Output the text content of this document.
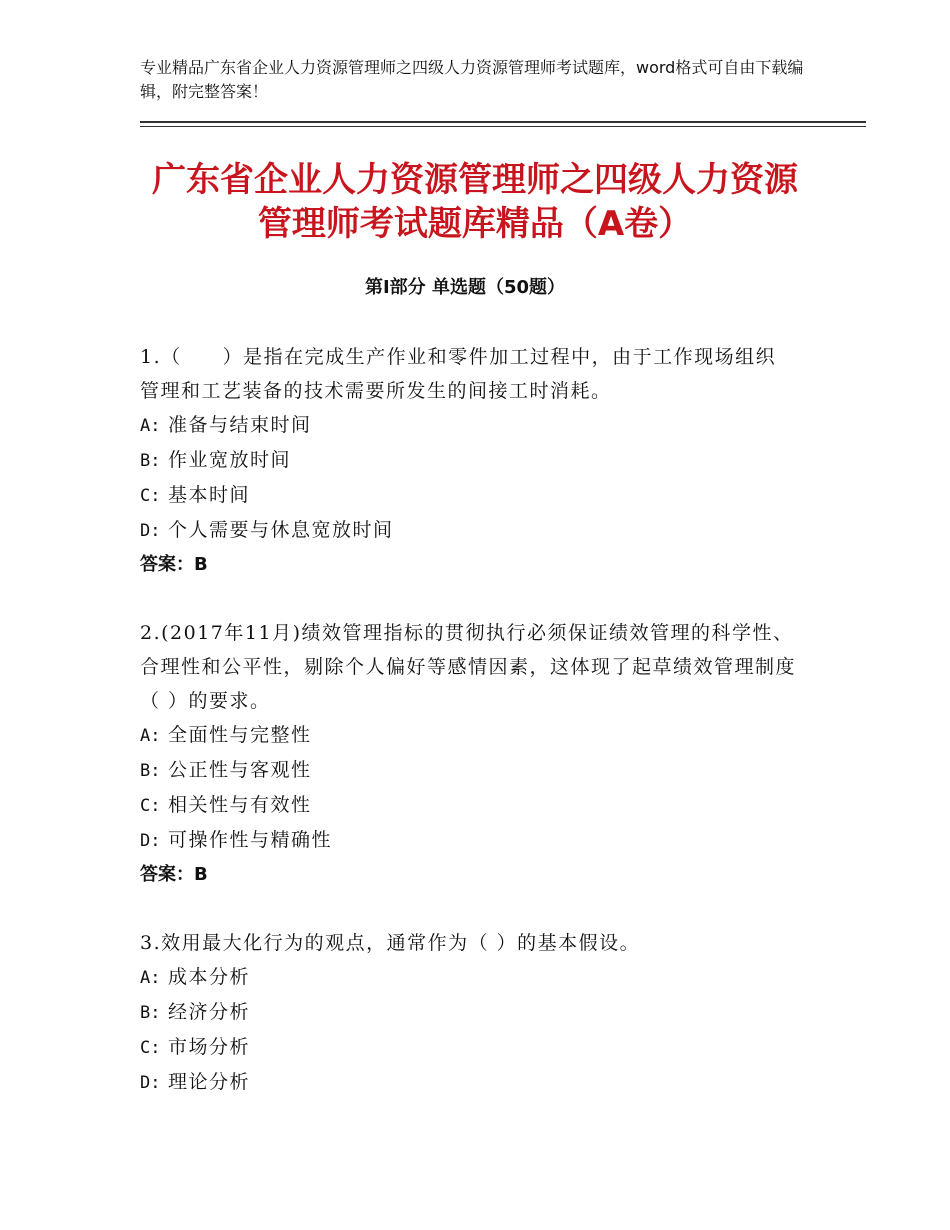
专业精品广东省企业人力资源管理师之四级人力资源管理师考试题库，word格式可自由下载编辑，附完整答案！
广东省企业人力资源管理师之四级人力资源
管理师考试题库精品（A卷）
第Ⅰ部分 单选题（50题）
1.（　　）是指在完成生产作业和零件加工过程中，由于工作现场组织管理和工艺装备的技术需要所发生的间接工时消耗。
A: 准备与结束时间
B: 作业宽放时间
C: 基本时间
D: 个人需要与休息宽放时间
答案：B
2.(2017年11月)绩效管理指标的贯彻执行必须保证绩效管理的科学性、合理性和公平性，剔除个人偏好等感情因素，这体现了起草绩效管理制度（ ）的要求。
A: 全面性与完整性
B: 公正性与客观性
C: 相关性与有效性
D: 可操作性与精确性
答案：B
3.效用最大化行为的观点，通常作为（ ）的基本假设。
A: 成本分析
B: 经济分析
C: 市场分析
D: 理论分析
